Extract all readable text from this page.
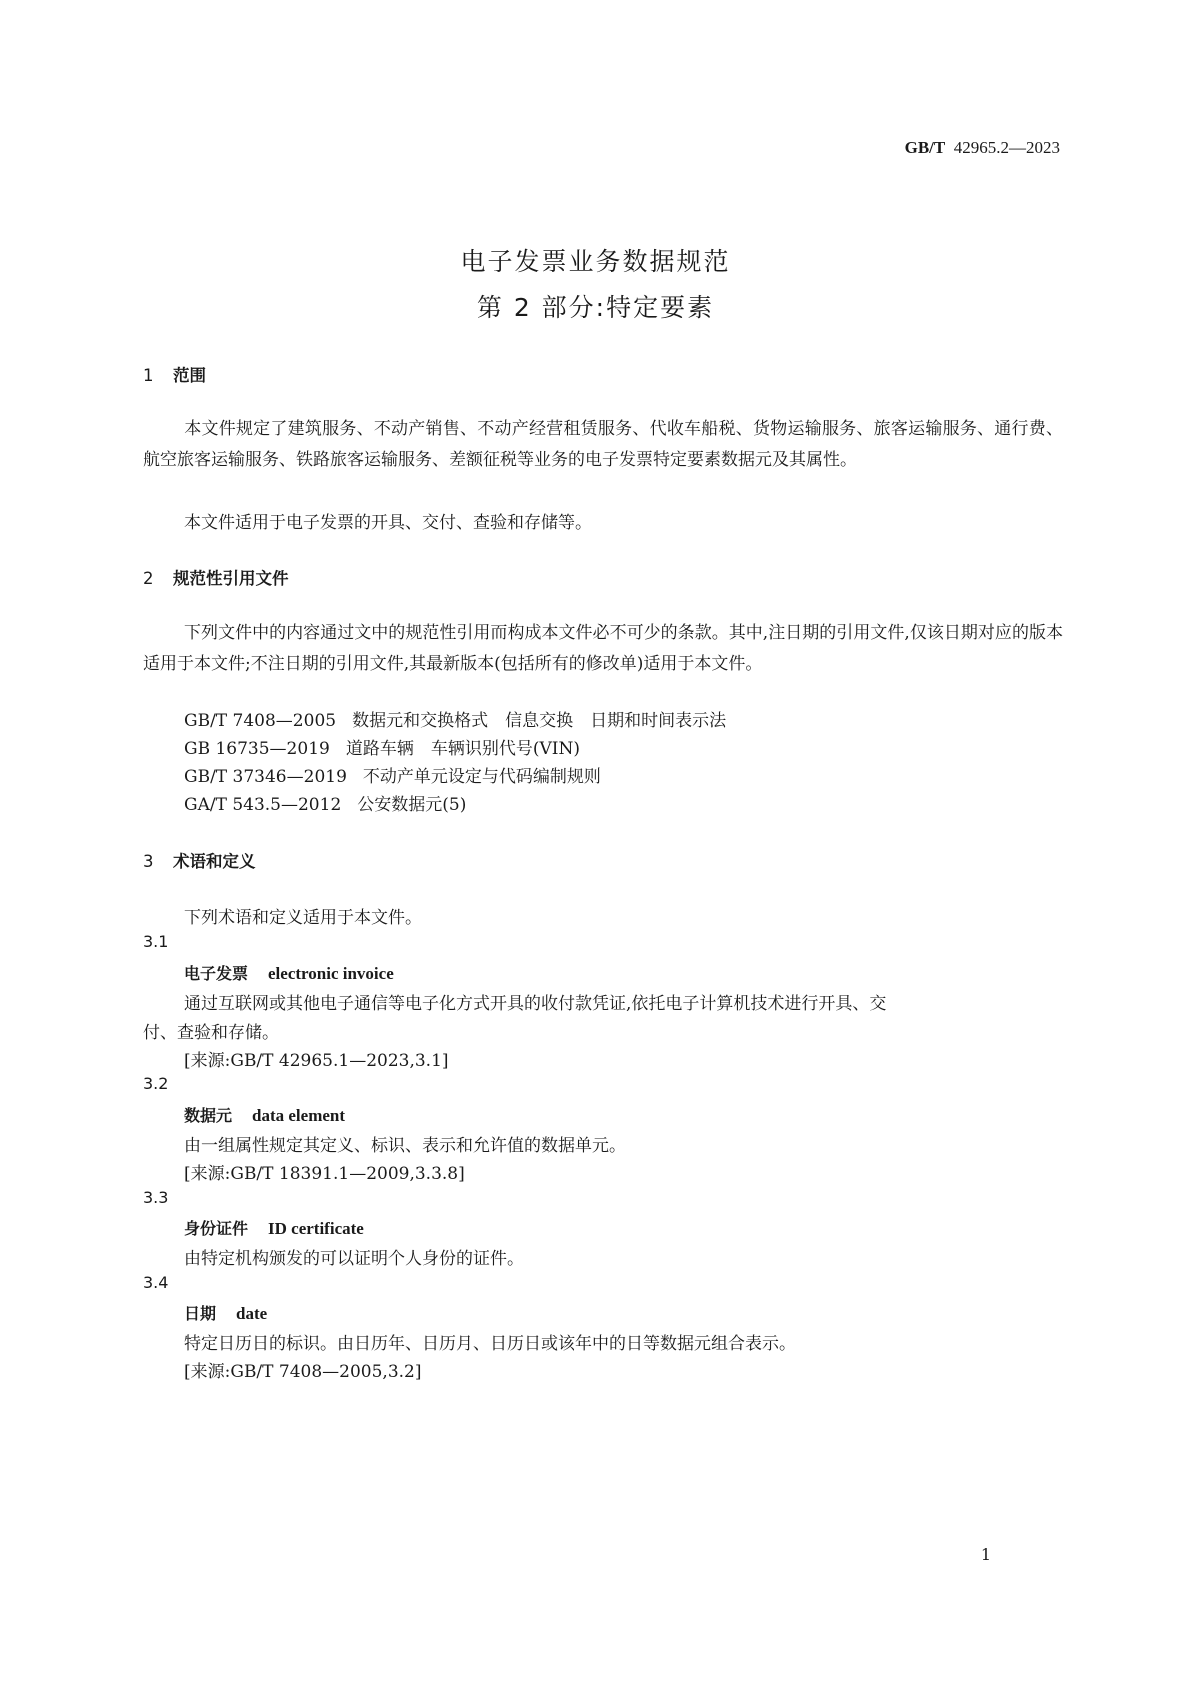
GB/T 42965.2—2023
电子发票业务数据规范
第 2 部分:特定要素
1 范围
本文件规定了建筑服务、不动产销售、不动产经营租赁服务、代收车船税、货物运输服务、旅客运输服务、通行费、航空旅客运输服务、铁路旅客运输服务、差额征税等业务的电子发票特定要素数据元及其属性。
本文件适用于电子发票的开具、交付、查验和存储等。
2 规范性引用文件
下列文件中的内容通过文中的规范性引用而构成本文件必不可少的条款。其中,注日期的引用文件,仅该日期对应的版本适用于本文件;不注日期的引用文件,其最新版本(包括所有的修改单)适用于本文件。
GB/T 7408—2005 数据元和交换格式　信息交换　日期和时间表示法
GB 16735—2019 道路车辆　车辆识别代号(VIN)
GB/T 37346—2019 不动产单元设定与代码编制规则
GA/T 543.5—2012 公安数据元(5)
3 术语和定义
下列术语和定义适用于本文件。
3.1
电子发票 electronic invoice
通过互联网或其他电子通信等电子化方式开具的收付款凭证,依托电子计算机技术进行开具、交
付、查验和存储。
[来源:GB/T 42965.1—2023,3.1]
3.2
数据元 data element
由一组属性规定其定义、标识、表示和允许值的数据单元。
[来源:GB/T 18391.1—2009,3.3.8]
3.3
身份证件 ID certificate
由特定机构颁发的可以证明个人身份的证件。
3.4
日期 date
特定日历日的标识。由日历年、日历月、日历日或该年中的日等数据元组合表示。
[来源:GB/T 7408—2005,3.2]
1
